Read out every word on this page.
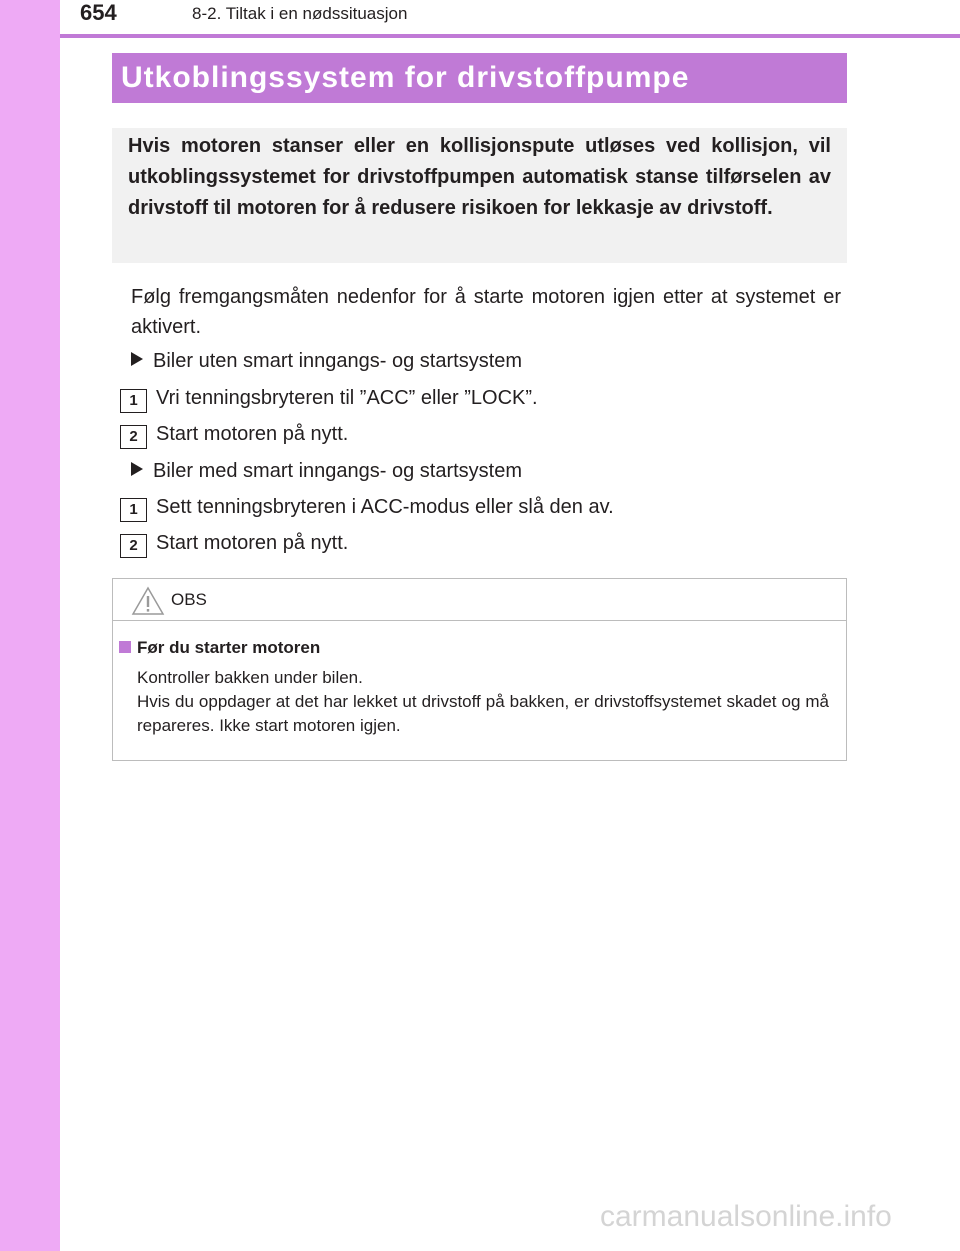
654	8-2. Tiltak i en nødssituasjon
Utkoblingssystem for drivstoffpumpe

Hvis motoren stanser eller en kollisjonspute utløses ved kollisjon, vil utkoblingssystemet for drivstoffpumpen automatisk stanse tilførselen av drivstoff til motoren for å redusere risikoen for lekkasje av drivstoff.

Følg fremgangsmåten nedenfor for å starte motoren igjen etter at systemet er aktivert.

Biler uten smart inngangs- og startsystem
1 Vri tenningsbryteren til ”ACC” eller ”LOCK”.
2 Start motoren på nytt.
Biler med smart inngangs- og startsystem
1 Sett tenningsbryteren i ACC-modus eller slå den av.
2 Start motoren på nytt.
OBS
Før du starter motoren
Kontroller bakken under bilen.
Hvis du oppdager at det har lekket ut drivstoff på bakken, er drivstoffsystemet skadet og må repareres. Ikke start motoren igjen.
carmanualsonline.info
